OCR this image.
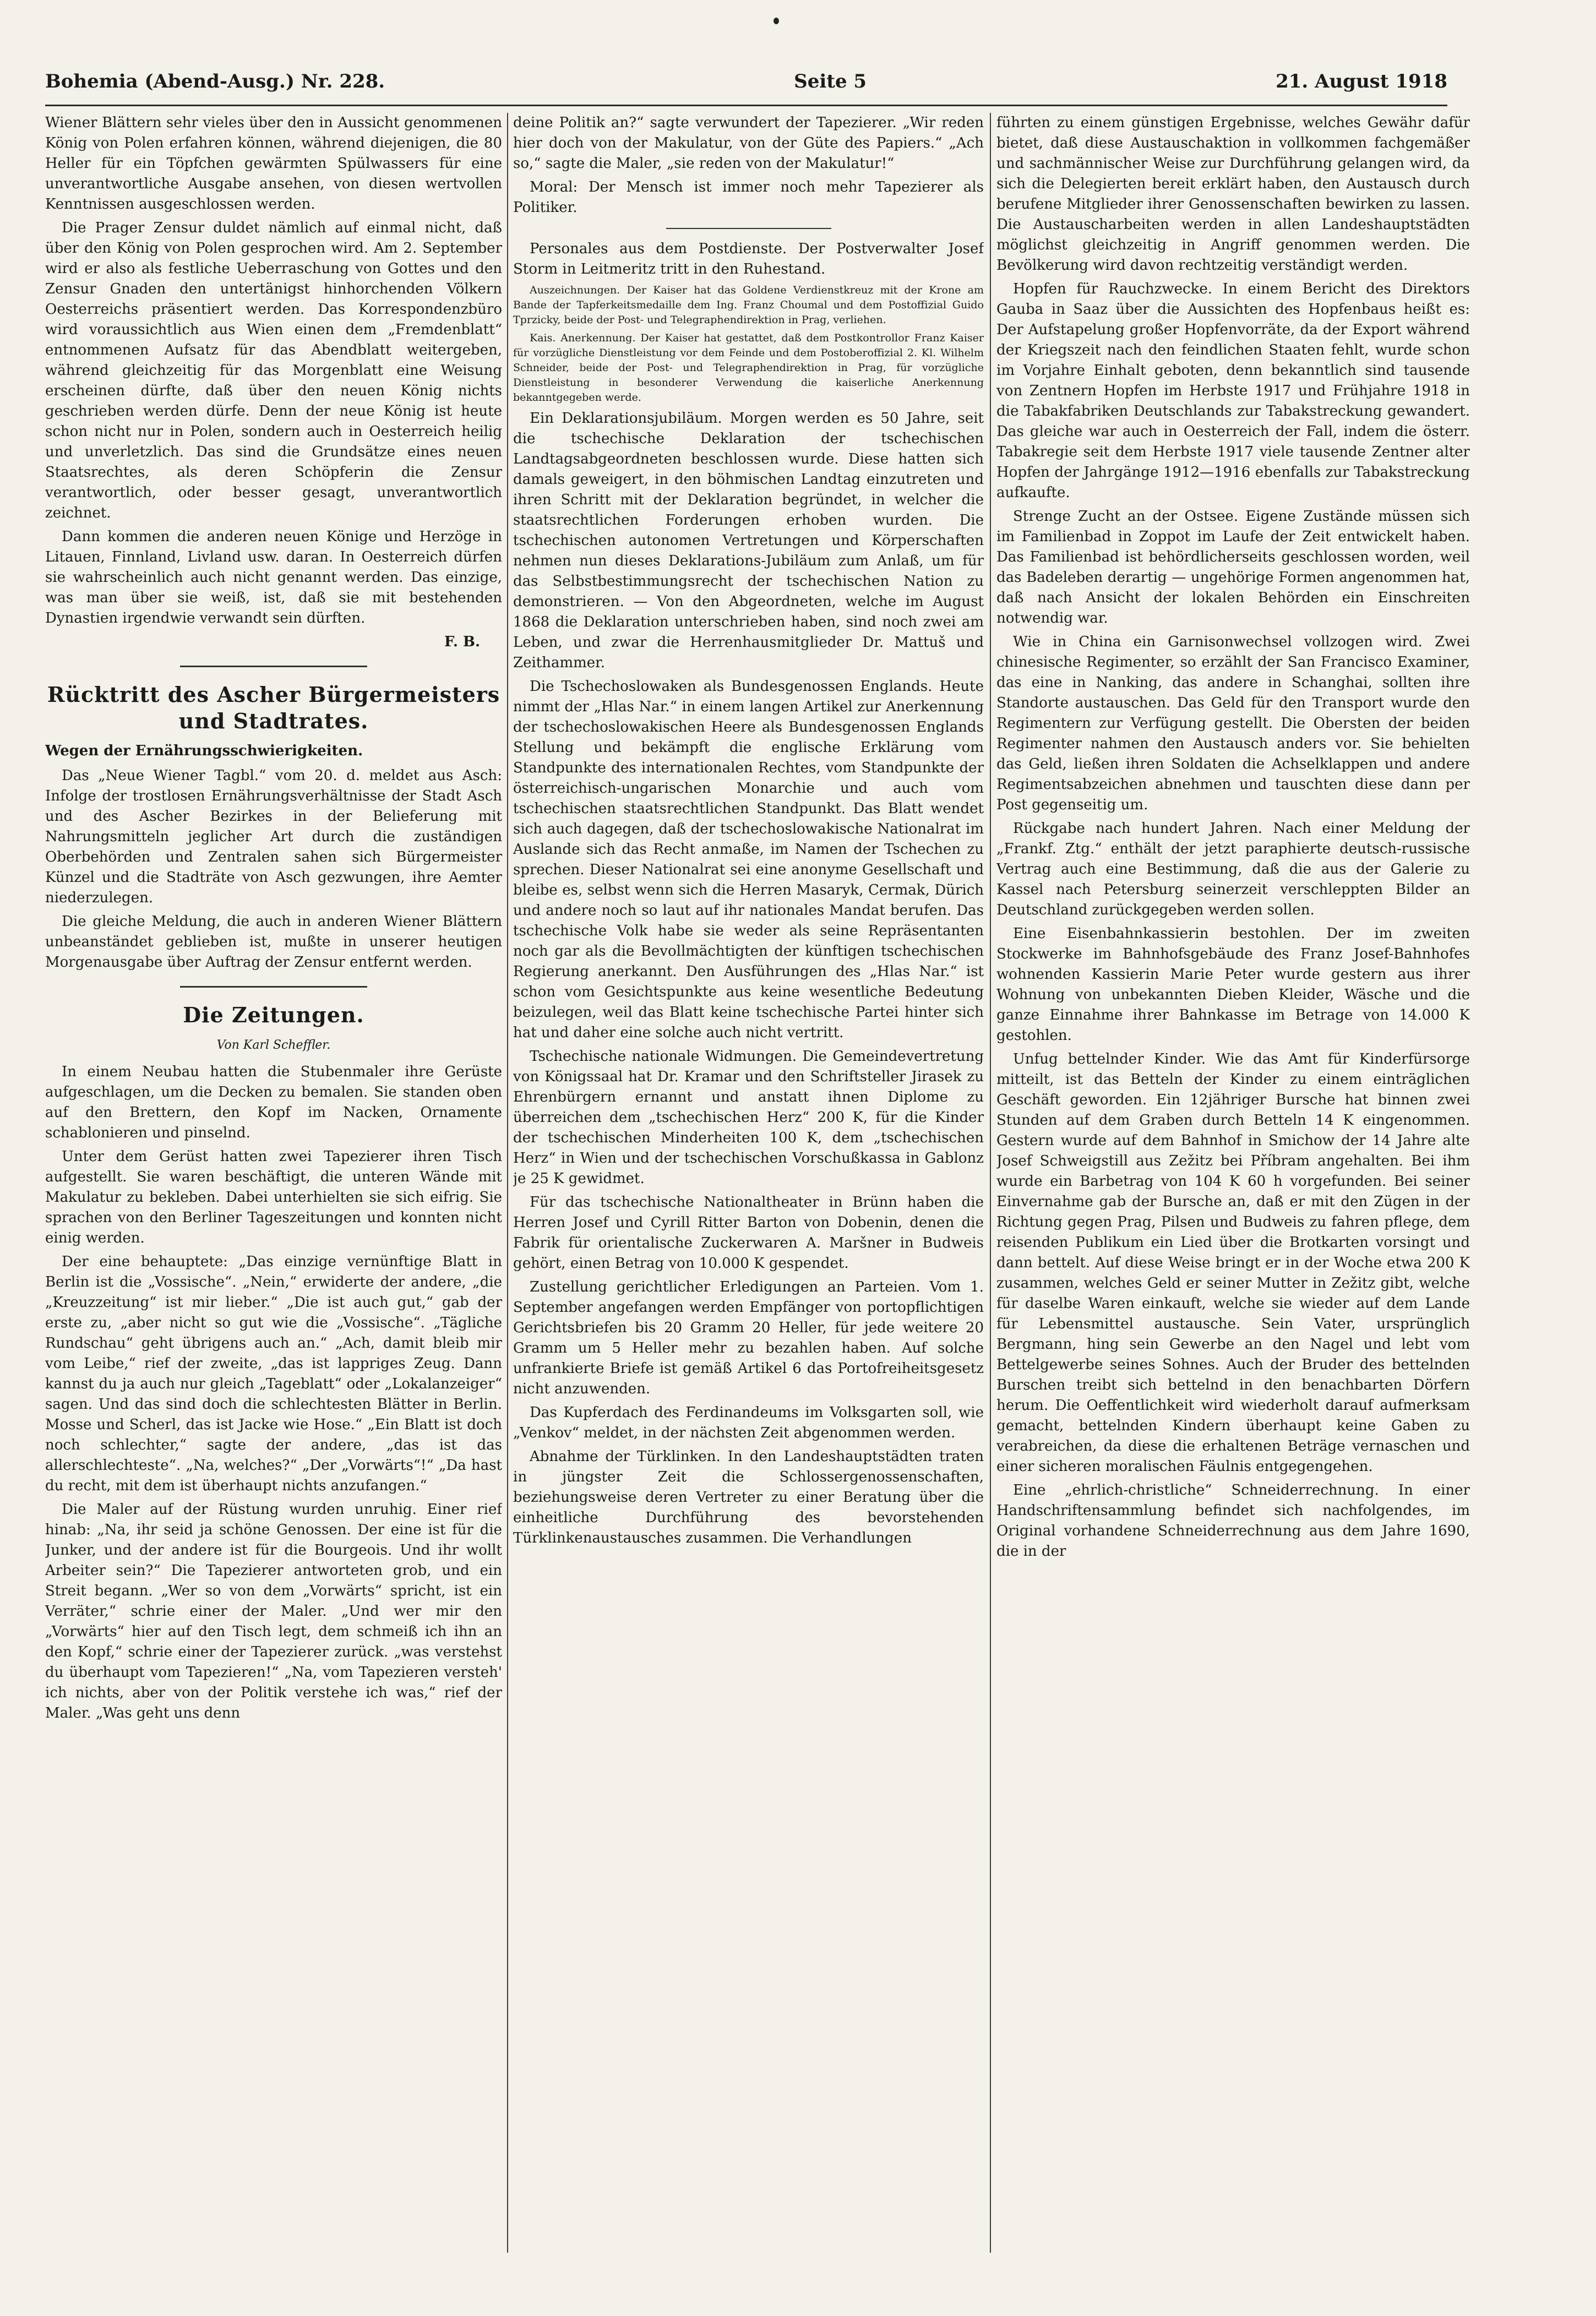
Bohemia (Abend-Ausg.) Nr. 228.	Seite 5	21. August 1918

Wiener Blättern sehr vieles über den in Aussicht genommenen König von Polen erfahren können, während diejenigen, die 80 Heller für ein Töpfchen gewärmten Spülwassers für eine unverantwortliche Ausgabe ansehen, von diesen wertvollen Kenntnissen ausgeschlossen werden.

Die Prager Zensur duldet nämlich auf einmal nicht, daß über den König von Polen gesprochen wird. Am 2. September wird er also als festliche Ueberraschung von Gottes und den Zensur Gnaden den untertänigst hinhorchenden Völkern Oesterreichs präsentiert werden. Das Korrespondenzbüro wird voraussichtlich aus Wien einen dem „Fremdenblatt“ entnommenen Aufsatz für das Abendblatt weitergeben, während gleichzeitig für das Morgenblatt eine Weisung erscheinen dürfte, daß über den neuen König nichts geschrieben werden dürfe. Denn der neue König ist heute schon nicht nur in Polen, sondern auch in Oesterreich heilig und unverletzlich. Das sind die Grundsätze eines neuen Staatsrechtes, als deren Schöpferin die Zensur verantwortlich, oder besser gesagt, unverantwortlich zeichnet.

Dann kommen die anderen neuen Könige und Herzöge in Litauen, Finnland, Livland usw. daran. In Oesterreich dürfen sie wahrscheinlich auch nicht genannt werden. Das einzige, was man über sie weiß, ist, daß sie mit bestehenden Dynastien irgendwie verwandt sein dürften.

F. B.

Rücktritt des Ascher Bürgermeisters und Stadtrates.

Wegen der Ernährungsschwierigkeiten.

Das „Neue Wiener Tagbl.“ vom 20. d. meldet aus Asch: Infolge der trostlosen Ernährungsverhältnisse der Stadt Asch und des Ascher Bezirkes in der Belieferung mit Nahrungsmitteln jeglicher Art durch die zuständigen Oberbehörden und Zentralen sahen sich Bürgermeister Künzel und die Stadträte von Asch gezwungen, ihre Aemter niederzulegen.

Die gleiche Meldung, die auch in anderen Wiener Blättern unbeanständet geblieben ist, mußte in unserer heutigen Morgenausgabe über Auftrag der Zensur entfernt werden.

Die Zeitungen.

Von Karl Scheffler.

In einem Neubau hatten die Stubenmaler ihre Gerüste aufgeschlagen, um die Decken zu bemalen. Sie standen oben auf den Brettern, den Kopf im Nacken, Ornamente schablonieren und pinselnd.

Unter dem Gerüst hatten zwei Tapezierer ihren Tisch aufgestellt. Sie waren beschäftigt, die unteren Wände mit Makulatur zu bekleben. Dabei unterhielten sie sich eifrig. Sie sprachen von den Berliner Tageszeitungen und konnten nicht einig werden.

Der eine behauptete: „Das einzige vernünftige Blatt in Berlin ist die „Vossische“. „Nein,“ erwiderte der andere, „die „Kreuzzeitung“ ist mir lieber.“ „Die ist auch gut,“ gab der erste zu, „aber nicht so gut wie die „Vossische“. „Tägliche Rundschau“ geht übrigens auch an.“ „Ach, damit bleib mir vom Leibe,“ rief der zweite, „das ist lappriges Zeug. Dann kannst du ja auch nur gleich „Tageblatt“ oder „Lokalanzeiger“ sagen. Und das sind doch die schlechtesten Blätter in Berlin. Mosse und Scherl, das ist Jacke wie Hose.“ „Ein Blatt ist doch noch schlechter,“ sagte der andere, „das ist das allerschlechteste“. „Na, welches?“ „Der „Vorwärts“!“ „Da hast du recht, mit dem ist überhaupt nichts anzufangen.“

Die Maler auf der Rüstung wurden unruhig. Einer rief hinab: „Na, ihr seid ja schöne Genossen. Der eine ist für die Junker, und der andere ist für die Bourgeois. Und ihr wollt Arbeiter sein?“ Die Tapezierer antworteten grob, und ein Streit begann. „Wer so von dem „Vorwärts“ spricht, ist ein Verräter,“ schrie einer der Maler. „Und wer mir den „Vorwärts“ hier auf den Tisch legt, dem schmeiß ich ihn an den Kopf,“ schrie einer der Tapezierer zurück. „was verstehst du überhaupt vom Tapezieren!“ „Na, vom Tapezieren versteh' ich nichts, aber von der Politik verstehe ich was,“ rief der Maler. „Was geht uns denn

deine Politik an?“ sagte verwundert der Tapezierer. „Wir reden hier doch von der Makulatur, von der Güte des Papiers.“ „Ach so,“ sagte die Maler, „sie reden von der Makulatur!“

Moral: Der Mensch ist immer noch mehr Tapezierer als Politiker.

Personales aus dem Postdienste. Der Postverwalter Josef Storm in Leitmeritz tritt in den Ruhestand.

Auszeichnungen. Der Kaiser hat das Goldene Verdienstkreuz mit der Krone am Bande der Tapferkeitsmedaille dem Ing. Franz Choumal und dem Postoffizial Guido Tprzicky, beide der Post- und Telegraphendirektion in Prag, verliehen.

Kais. Anerkennung. Der Kaiser hat gestattet, daß dem Postkontrollor Franz Kaiser für vorzügliche Dienstleistung vor dem Feinde und dem Postoberoffizial 2. Kl. Wilhelm Schneider, beide der Post- und Telegraphendirektion in Prag, für vorzügliche Dienstleistung in besonderer Verwendung die kaiserliche Anerkennung bekanntgegeben werde.

Ein Deklarationsjubiläum. Morgen werden es 50 Jahre, seit die tschechische Deklaration der tschechischen Landtagsabgeordneten beschlossen wurde. Diese hatten sich damals geweigert, in den böhmischen Landtag einzutreten und ihren Schritt mit der Deklaration begründet, in welcher die staatsrechtlichen Forderungen erhoben wurden. Die tschechischen autonomen Vertretungen und Körperschaften nehmen nun dieses Deklarations-Jubiläum zum Anlaß, um für das Selbstbestimmungsrecht der tschechischen Nation zu demonstrieren. — Von den Abgeordneten, welche im August 1868 die Deklaration unterschrieben haben, sind noch zwei am Leben, und zwar die Herrenhausmitglieder Dr. Mattuš und Zeithammer.

Die Tschechoslowaken als Bundesgenossen Englands. Heute nimmt der „Hlas Nar.“ in einem langen Artikel zur Anerkennung der tschechoslowakischen Heere als Bundesgenossen Englands Stellung und bekämpft die englische Erklärung vom Standpunkte des internationalen Rechtes, vom Standpunkte der österreichisch-ungarischen Monarchie und auch vom tschechischen staatsrechtlichen Standpunkt. Das Blatt wendet sich auch dagegen, daß der tschechoslowakische Nationalrat im Auslande sich das Recht anmaße, im Namen der Tschechen zu sprechen. Dieser Nationalrat sei eine anonyme Gesellschaft und bleibe es, selbst wenn sich die Herren Masaryk, Cermak, Dürich und andere noch so laut auf ihr nationales Mandat berufen. Das tschechische Volk habe sie weder als seine Repräsentanten noch gar als die Bevollmächtigten der künftigen tschechischen Regierung anerkannt. Den Ausführungen des „Hlas Nar.“ ist schon vom Gesichtspunkte aus keine wesentliche Bedeutung beizulegen, weil das Blatt keine tschechische Partei hinter sich hat und daher eine solche auch nicht vertritt.

Tschechische nationale Widmungen. Die Gemeindevertretung von Königssaal hat Dr. Kramar und den Schriftsteller Jirasek zu Ehrenbürgern ernannt und anstatt ihnen Diplome zu überreichen dem „tschechischen Herz“ 200 K, für die Kinder der tschechischen Minderheiten 100 K, dem „tschechischen Herz“ in Wien und der tschechischen Vorschußkassa in Gablonz je 25 K gewidmet.

Für das tschechische Nationaltheater in Brünn haben die Herren Josef und Cyrill Ritter Barton von Dobenin, denen die Fabrik für orientalische Zuckerwaren A. Maršner in Budweis gehört, einen Betrag von 10.000 K gespendet.

Zustellung gerichtlicher Erledigungen an Parteien. Vom 1. September angefangen werden Empfänger von portopflichtigen Gerichtsbriefen bis 20 Gramm 20 Heller, für jede weitere 20 Gramm um 5 Heller mehr zu bezahlen haben. Auf solche unfrankierte Briefe ist gemäß Artikel 6 das Portofreiheitsgesetz nicht anzuwenden.

Das Kupferdach des Ferdinandeums im Volksgarten soll, wie „Venkov“ meldet, in der nächsten Zeit abgenommen werden.

Abnahme der Türklinken. In den Landeshauptstädten traten in jüngster Zeit die Schlossergenossenschaften, beziehungsweise deren Vertreter zu einer Beratung über die einheitliche Durchführung des bevorstehenden Türklinkenaustausches zusammen. Die Verhandlungen

führten zu einem günstigen Ergebnisse, welches Gewähr dafür bietet, daß diese Austauschaktion in vollkommen fachgemäßer und sachmännischer Weise zur Durchführung gelangen wird, da sich die Delegierten bereit erklärt haben, den Austausch durch berufene Mitglieder ihrer Genossenschaften bewirken zu lassen. Die Austauscharbeiten werden in allen Landeshauptstädten möglichst gleichzeitig in Angriff genommen werden. Die Bevölkerung wird davon rechtzeitig verständigt werden.

Hopfen für Rauchzwecke. In einem Bericht des Direktors Gauba in Saaz über die Aussichten des Hopfenbaus heißt es: Der Aufstapelung großer Hopfenvorräte, da der Export während der Kriegszeit nach den feindlichen Staaten fehlt, wurde schon im Vorjahre Einhalt geboten, denn bekanntlich sind tausende von Zentnern Hopfen im Herbste 1917 und Frühjahre 1918 in die Tabakfabriken Deutschlands zur Tabakstreckung gewandert. Das gleiche war auch in Oesterreich der Fall, indem die österr. Tabakregie seit dem Herbste 1917 viele tausende Zentner alter Hopfen der Jahrgänge 1912—1916 ebenfalls zur Tabakstreckung aufkaufte.

Strenge Zucht an der Ostsee. Eigene Zustände müssen sich im Familienbad in Zoppot im Laufe der Zeit entwickelt haben. Das Familienbad ist behördlicherseits geschlossen worden, weil das Badeleben derartig — ungehörige Formen angenommen hat, daß nach Ansicht der lokalen Behörden ein Einschreiten notwendig war.

Wie in China ein Garnisonwechsel vollzogen wird. Zwei chinesische Regimenter, so erzählt der San Francisco Examiner, das eine in Nanking, das andere in Schanghai, sollten ihre Standorte austauschen. Das Geld für den Transport wurde den Regimentern zur Verfügung gestellt. Die Obersten der beiden Regimenter nahmen den Austausch anders vor. Sie behielten das Geld, ließen ihren Soldaten die Achselklappen und andere Regimentsabzeichen abnehmen und tauschten diese dann per Post gegenseitig um.

Rückgabe nach hundert Jahren. Nach einer Meldung der „Frankf. Ztg.“ enthält der jetzt paraphierte deutsch-russische Vertrag auch eine Bestimmung, daß die aus der Galerie zu Kassel nach Petersburg seinerzeit verschleppten Bilder an Deutschland zurückgegeben werden sollen.

Eine Eisenbahnkassierin bestohlen. Der im zweiten Stockwerke im Bahnhofsgebäude des Franz Josef-Bahnhofes wohnenden Kassierin Marie Peter wurde gestern aus ihrer Wohnung von unbekannten Dieben Kleider, Wäsche und die ganze Einnahme ihrer Bahnkasse im Betrage von 14.000 K gestohlen.

Unfug bettelnder Kinder. Wie das Amt für Kinderfürsorge mitteilt, ist das Betteln der Kinder zu einem einträglichen Geschäft geworden. Ein 12jähriger Bursche hat binnen zwei Stunden auf dem Graben durch Betteln 14 K eingenommen. Gestern wurde auf dem Bahnhof in Smichow der 14 Jahre alte Josef Schweigstill aus Zežitz bei Příbram angehalten. Bei ihm wurde ein Barbetrag von 104 K 60 h vorgefunden. Bei seiner Einvernahme gab der Bursche an, daß er mit den Zügen in der Richtung gegen Prag, Pilsen und Budweis zu fahren pflege, dem reisenden Publikum ein Lied über die Brotkarten vorsingt und dann bettelt. Auf diese Weise bringt er in der Woche etwa 200 K zusammen, welches Geld er seiner Mutter in Zežitz gibt, welche für daselbe Waren einkauft, welche sie wieder auf dem Lande für Lebensmittel austausche. Sein Vater, ursprünglich Bergmann, hing sein Gewerbe an den Nagel und lebt vom Bettelgewerbe seines Sohnes. Auch der Bruder des bettelnden Burschen treibt sich bettelnd in den benachbarten Dörfern herum. Die Oeffentlichkeit wird wiederholt darauf aufmerksam gemacht, bettelnden Kindern überhaupt keine Gaben zu verabreichen, da diese die erhaltenen Beträge vernaschen und einer sicheren moralischen Fäulnis entgegengehen.

Eine „ehrlich-christliche“ Schneiderrechnung. In einer Handschriftensammlung befindet sich nachfolgendes, im Original vorhandene Schneiderrechnung aus dem Jahre 1690, die in der
